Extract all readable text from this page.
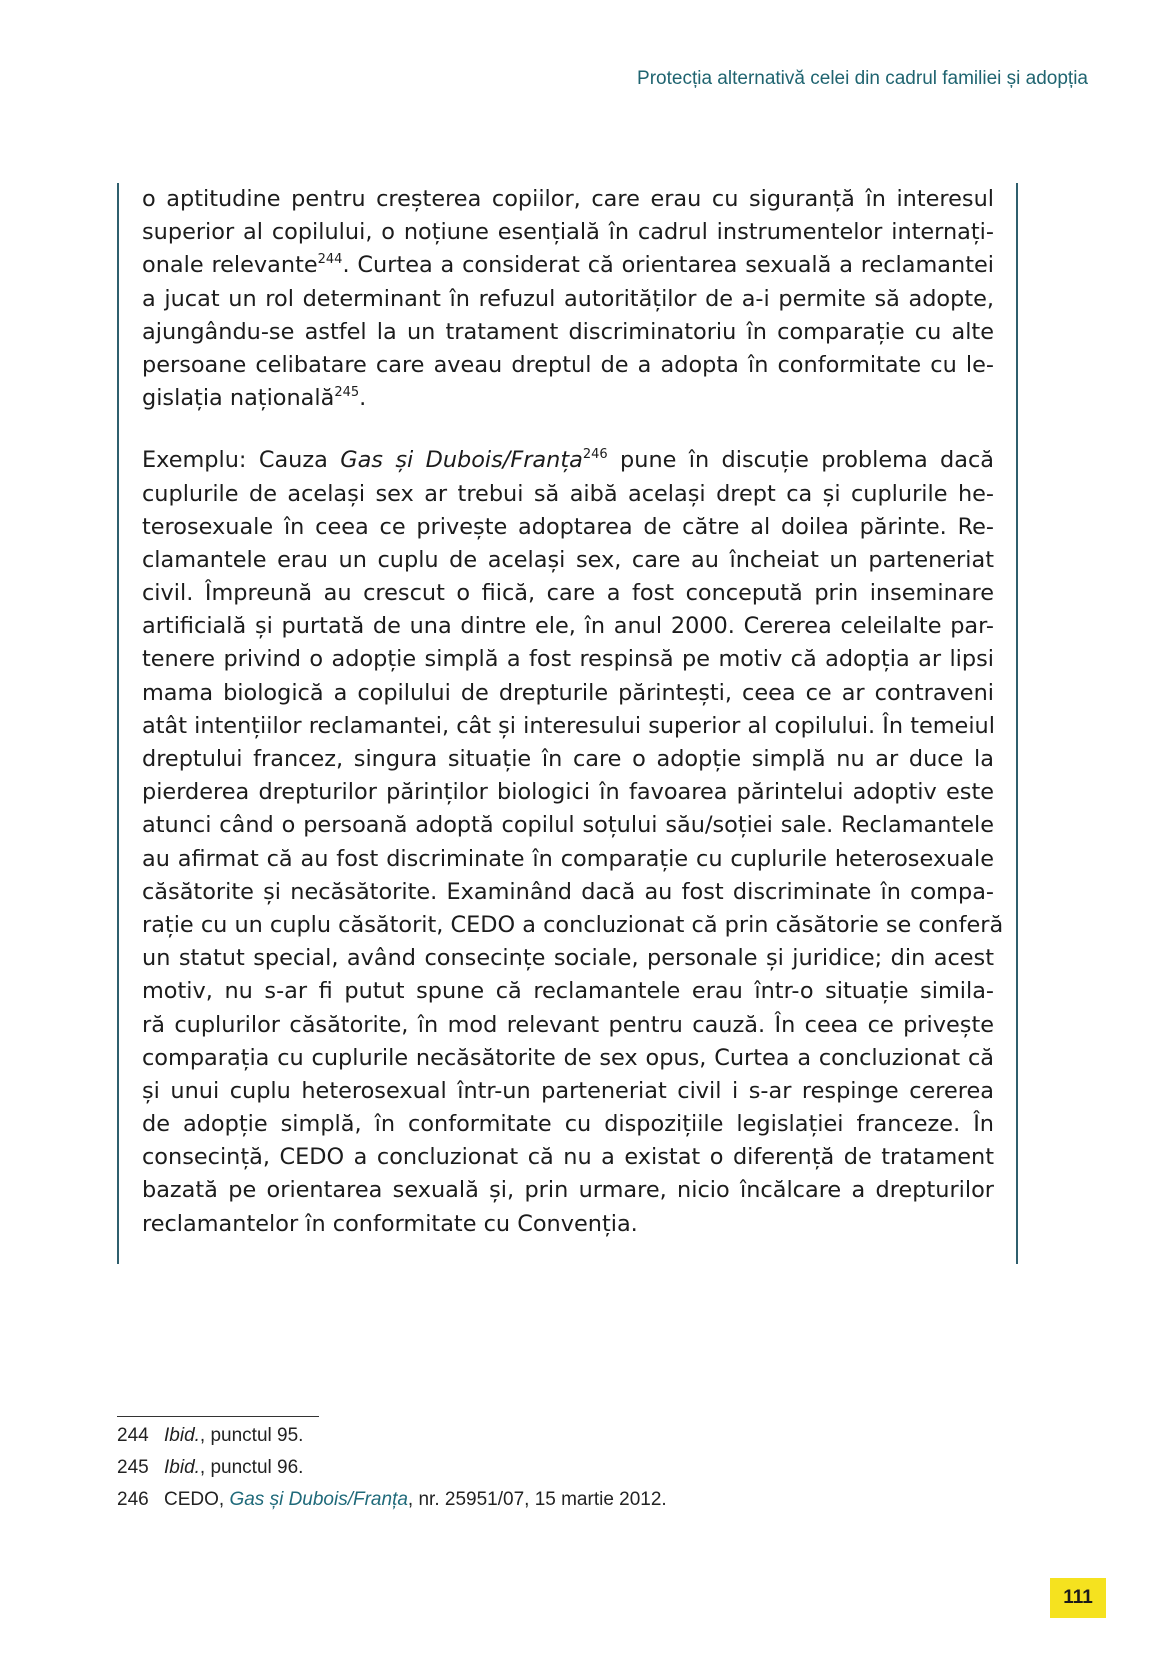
Protecția alternativă celei din cadrul familiei și adopția
o aptitudine pentru creșterea copiilor, care erau cu siguranță în interesul
superior al copilului, o noțiune esențială în cadrul instrumentelor internați-
onale relevante$^{244}$. Curtea a considerat că orientarea sexuală a reclamantei
a jucat un rol determinant în refuzul autorităților de a-i permite să adopte,
ajungându-se astfel la un tratament discriminatoriu în comparație cu alte
persoane celibatare care aveau dreptul de a adopta în conformitate cu le-
gislația națională$^{245}$.
Exemplu: Cauza Gas și Dubois/Franța$^{246}$ pune în discuție problema dacă
cuplurile de același sex ar trebui să aibă același drept ca și cuplurile he-
terosexuale în ceea ce privește adoptarea de către al doilea părinte. Re-
clamantele erau un cuplu de același sex, care au încheiat un parteneriat
civil. Împreună au crescut o fiică, care a fost concepută prin inseminare
artificială și purtată de una dintre ele, în anul 2000. Cererea celeilalte par-
tenere privind o adopție simplă a fost respinsă pe motiv că adopția ar lipsi
mama biologică a copilului de drepturile părintești, ceea ce ar contraveni
atât intențiilor reclamantei, cât și interesului superior al copilului. În temeiul
dreptului francez, singura situație în care o adopție simplă nu ar duce la
pierderea drepturilor părinților biologici în favoarea părintelui adoptiv este
atunci când o persoană adoptă copilul soțului său/soției sale. Reclamantele
au afirmat că au fost discriminate în comparație cu cuplurile heterosexuale
căsătorite și necăsătorite. Examinând dacă au fost discriminate în compa-
rație cu un cuplu căsătorit, CEDO a concluzionat că prin căsătorie se conferă
un statut special, având consecințe sociale, personale și juridice; din acest
motiv, nu s-ar fi putut spune că reclamantele erau într-o situație simila-
ră cuplurilor căsătorite, în mod relevant pentru cauză. În ceea ce privește
comparația cu cuplurile necăsătorite de sex opus, Curtea a concluzionat că
și unui cuplu heterosexual într-un parteneriat civil i s-ar respinge cererea
de adopție simplă, în conformitate cu dispozițiile legislației franceze. În
consecință, CEDO a concluzionat că nu a existat o diferență de tratament
bazată pe orientarea sexuală și, prin urmare, nicio încălcare a drepturilor
reclamantelor în conformitate cu Convenția.
244 Ibid., punctul 95.
245 Ibid., punctul 96.
246 CEDO, Gas și Dubois/Franța, nr. 25951/07, 15 martie 2012.
111
